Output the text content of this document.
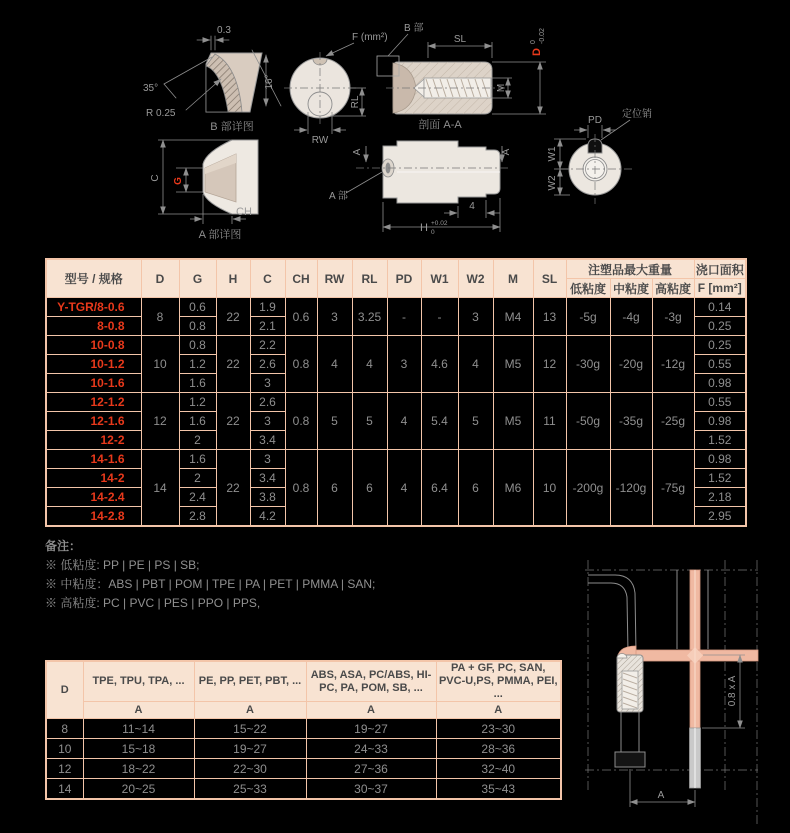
0.3
35°
R 0.25
16°
B 部详图
F (mm²)
RL
RW
B 部
SL
M
D
0 -0.02
剖面 A-A
A	A
A 部
4
H +0.02
0
定位销
PD
W1
W2
C G
CH
A 部详图
型号 / 规格	D	G	H	C	CH	RW	RL	PD	W1	W2	M	SL	注塑品最大重量			浇口面积
													低粘度	中粘度	高粘度	F [mm²]
Y-TGR/8-0.6	8	0.6	22	1.9	0.6	3	3.25	-	-	3	M4	13	-5g	-4g	-3g	0.14
8-0.8		0.8		2.1												0.25
10-0.8	10	0.8	22	2.2	0.8	4	4	3	4.6	4	M5	12	-30g	-20g	-12g	0.25
10-1.2		1.2		2.6												0.55
10-1.6		1.6		3												0.98
12-1.2	12	1.2	22	2.6	0.8	5	5	4	5.4	5	M5	11	-50g	-35g	-25g	0.55
12-1.6		1.6		3												0.98
12-2		2		3.4												1.52
14-1.6	14	1.6	22	3	0.8	6	6	4	6.4	6	M6	10	-200g	-120g	-75g	0.98
14-2		2		3.4												1.52
14-2.4		2.4		3.8												2.18
14-2.8		2.8		4.2												2.95
备注：
※ 低粘度: PP | PE | PS | SB;
※ 中粘度：ABS | PBT | POM | TPE | PA | PET | PMMA | SAN;
※ 高粘度: PC | PVC | PES | PPO | PPS,
D	TPE, TPU, TPA, ...	PE, PP, PET, PBT, ...	ABS, ASA, PC/ABS, HI-PC, PA, POM, SB, ...	PA + GF, PC, SAN, PVC-U,PS, PMMA, PEI, ...
	A	A	A	A
8	11~14	15~22	19~27	23~30
10	15~18	19~27	24~33	28~36
12	18~22	22~30	27~36	32~40
14	20~25	25~33	30~37	35~43
0.8 x A
A
